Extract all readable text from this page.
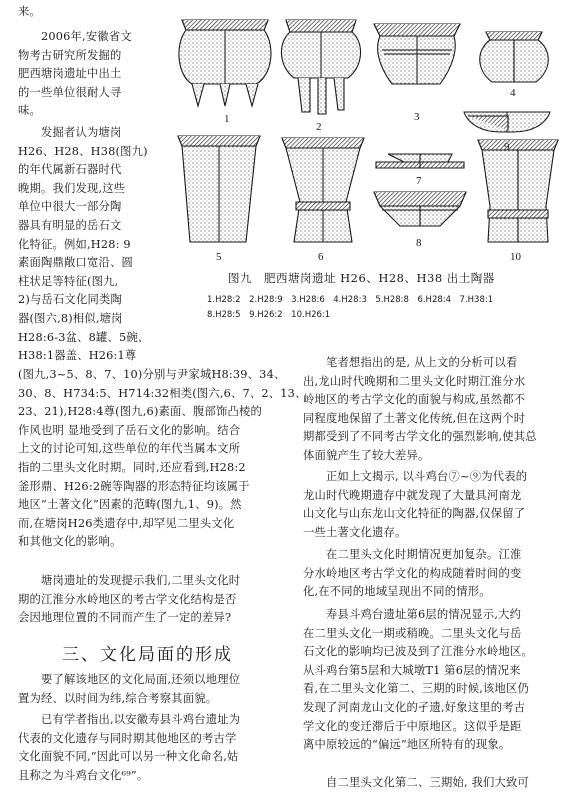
来。

　　2006年,安徽省文
物考古研究所发掘的
肥西塘岗遗址中出土
的一些单位很耐人寻
味。

　　发掘者认为塘岗
H26、H28、H38(图九)
的年代属新石器时代
晚期。我们发现,这些
单位中很大一部分陶
器具有明显的岳石文
化特征。例如,H28: 9
素面陶鼎敞口宽沿、圆
柱状足等特征(图九,
2)与岳石文化同类陶
器(图六,8)相似,塘岗
H28:6-3盆、8罐、5碗、
H38:1器盖、H26:1尊

(图九,3~5、8、7、10)分别与尹家城H8:39、34、
30、8、H734:5、H714:32相类(图六,6、7、2、13、
23、21),H28:4尊(图九,6)素面、腹部饰凸棱的
作风也明 显地受到了岳石文化的影响。结合
上文的讨论可知,这些单位的年代当属本文所
指的二里头文化时期。同时,还应看到,H28:2
釜形鼎、H26:2碗等陶器的形态特征均该属于
地区“土著文化”因素的范畴(图九,1、9)。然
而,在塘岗H26类遗存中,却罕见二里头文化
和其他文化的影响。

　　塘岗遗址的发现提示我们,二里头文化时
期的江淮分水岭地区的考古学文化结构是否
会因地理位置的不同而产生了一定的差异?

三、文化局面的形成

　　要了解该地区的文化局面,还须以地理位
置为经、以时间为纬,综合考察其面貌。

　　已有学者指出,以安徽寿县斗鸡台遗址为
代表的文化遗存与同时期其他地区的考古学
文化面貌不同,“因此可以另一种文化命名,姑
且称之为斗鸡台文化⁶⁹”。

　　笔者想指出的是, 从上文的分析可以看
出,龙山时代晚期和二里头文化时期江淮分水
岭地区的考古学文化的面貌与构成,虽然都不
同程度地保留了土著文化传统,但在这两个时
期都受到了不同考古学文化的强烈影响,使其总
体面貌产生了较大差异。

　　正如上文揭示, 以斗鸡台⑦~⑨为代表的
龙山时代晚期遗存中就发现了大量具河南龙
山文化与山东龙山文化特征的陶器,仅保留了
一些土著文化遗存。

　　在二里头文化时期情况更加复杂。江淮
分水岭地区考古学文化的构成随着时间的变
化,在不同的地域呈现出不同的情形。

　　寿县斗鸡台遗址第6层的情况显示,大约
在二里头文化一期或稍晚。二里头文化与岳
石文化的影响均已波及到了江淮分水岭地区。
从斗鸡台第5层和大城墩T1 第6层的情况来
看,在二里头文化第二、三期的时候,该地区仍
发现了河南龙山文化的孑遗,好象这里的考古
学文化的变迁滞后于中原地区。这似乎是距
离中原较远的“偏远”地区所特有的现象。

　　自二里头文化第二、三期始, 我们大致可

1
2
3
4
9
5	6
7
8
10

图九　肥西塘岗遗址 H26、H28、H38 出土陶器

1.H28:2　2.H28:9　3.H28:6　4.H28:3　5.H28:8　6.H28:4　7.H38:1
8.H28:5　9.H26:2　10.H26:1
